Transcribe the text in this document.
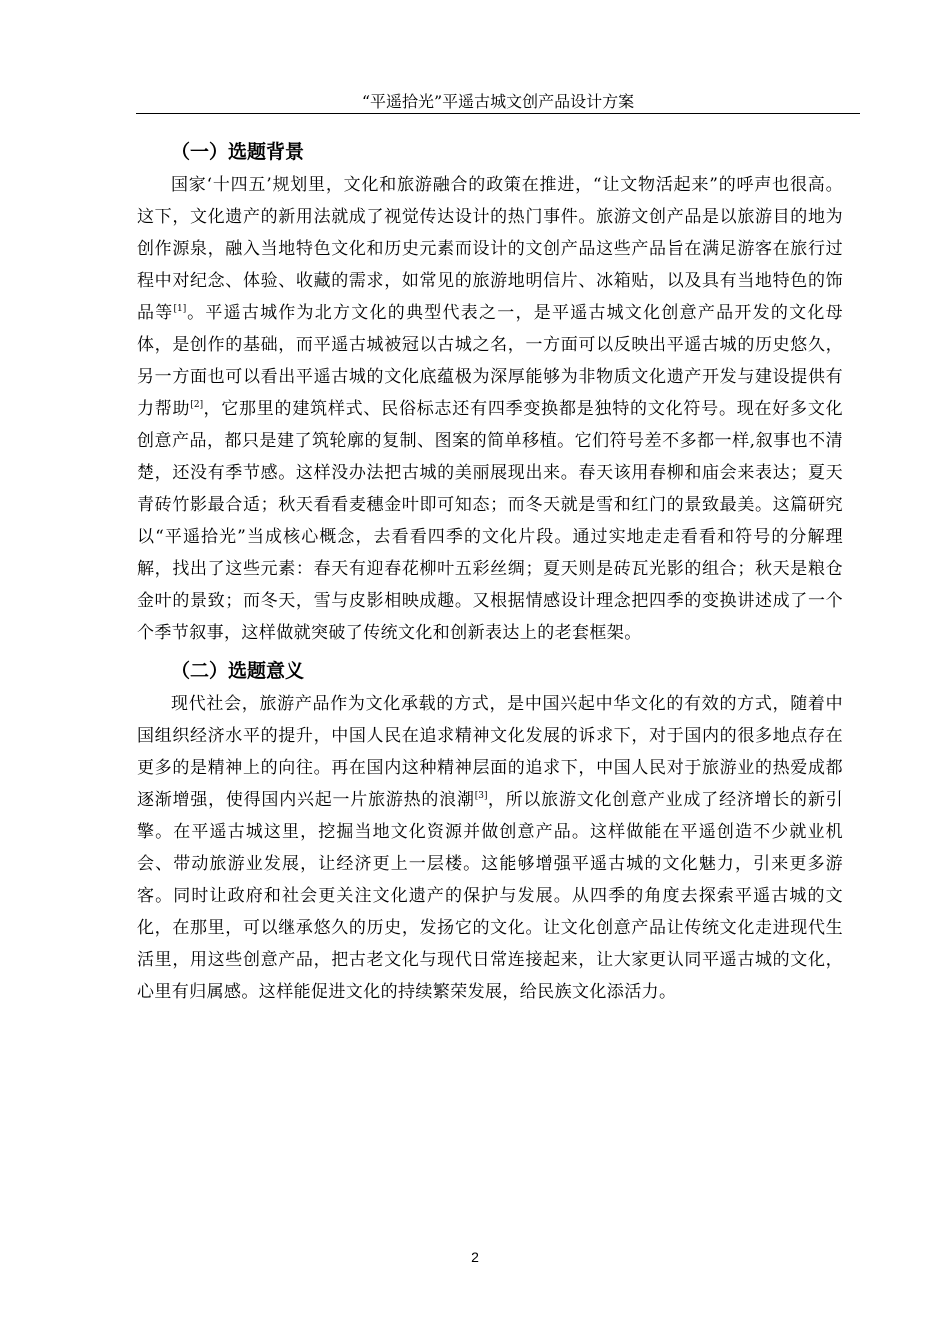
“平遥拾光”平遥古城文创产品设计方案
（一）选题背景

国家‘十四五’规划里，文化和旅游融合的政策在推进，“让文物活起来”的呼声也很高。这下，文化遗产的新用法就成了视觉传达设计的热门事件。旅游文创产品是以旅游目的地为创作源泉，融入当地特色文化和历史元素而设计的文创产品这些产品旨在满足游客在旅行过程中对纪念、体验、收藏的需求，如常见的旅游地明信片、冰箱贴，以及具有当地特色的饰品等[1]。平遥古城作为北方文化的典型代表之一，是平遥古城文化创意产品开发的文化母体，是创作的基础，而平遥古城被冠以古城之名，一方面可以反映出平遥古城的历史悠久，另一方面也可以看出平遥古城的文化底蕴极为深厚能够为非物质文化遗产开发与建设提供有力帮助[2]，它那里的建筑样式、民俗标志还有四季变换都是独特的文化符号。现在好多文化创意产品，都只是建了筑轮廓的复制、图案的简单移植。它们符号差不多都一样,叙事也不清楚，还没有季节感。这样没办法把古城的美丽展现出来。春天该用春柳和庙会来表达；夏天青砖竹影最合适；秋天看看麦穗金叶即可知态；而冬天就是雪和红门的景致最美。这篇研究以“平遥拾光”当成核心概念，去看看四季的文化片段。通过实地走走看看和符号的分解理解，找出了这些元素：春天有迎春花柳叶五彩丝绸；夏天则是砖瓦光影的组合；秋天是粮仓金叶的景致；而冬天，雪与皮影相映成趣。又根据情感设计理念把四季的变换讲述成了一个个季节叙事，这样做就突破了传统文化和创新表达上的老套框架。

（二）选题意义

现代社会，旅游产品作为文化承载的方式，是中国兴起中华文化的有效的方式，随着中国组织经济水平的提升，中国人民在追求精神文化发展的诉求下，对于国内的很多地点存在更多的是精神上的向往。再在国内这种精神层面的追求下，中国人民对于旅游业的热爱成都逐渐增强，使得国内兴起一片旅游热的浪潮[3]，所以旅游文化创意产业成了经济增长的新引擎。在平遥古城这里，挖掘当地文化资源并做创意产品。这样做能在平遥创造不少就业机会、带动旅游业发展，让经济更上一层楼。这能够增强平遥古城的文化魅力，引来更多游客。同时让政府和社会更关注文化遗产的保护与发展。从四季的角度去探索平遥古城的文化，在那里，可以继承悠久的历史，发扬它的文化。让文化创意产品让传统文化走进现代生活里，用这些创意产品，把古老文化与现代日常连接起来，让大家更认同平遥古城的文化，心里有归属感。这样能促进文化的持续繁荣发展，给民族文化添活力。

2
